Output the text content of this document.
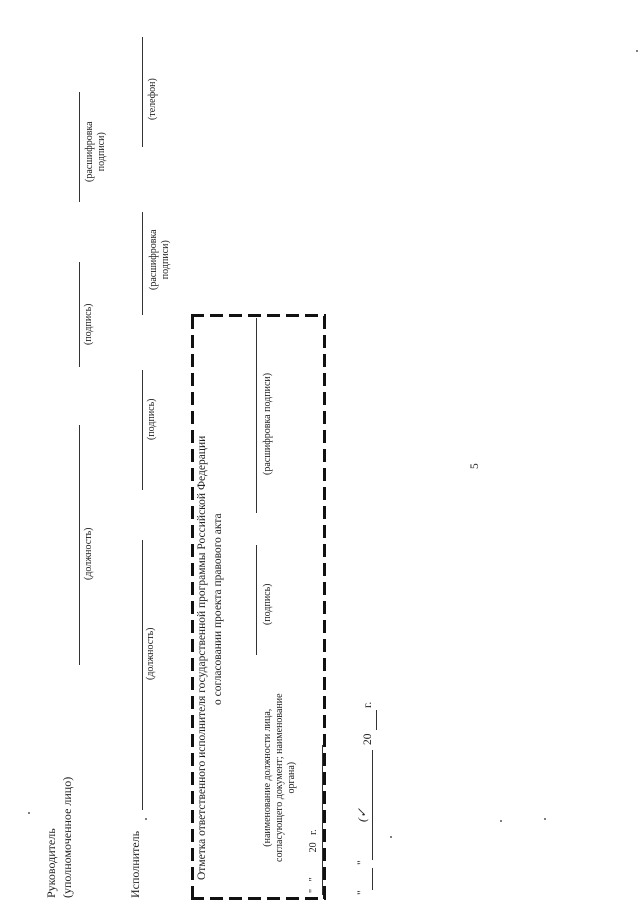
5
Руководитель (уполномоченное лицо)
(должность)
(подпись)
(расшифровка
подписи)
Исполнитель
(должность)
(подпись)
(расшифровка
подписи)
(телефон)
Отметка ответственного исполнителя государственной программы Российской Федерации о согласовании проекта правового акта
(наименование должности лица,
согласующего документ; наименование
органа)
(подпись)
(расшифровка подписи)
"   "          20   г.	"
"
(✓
20
г.
